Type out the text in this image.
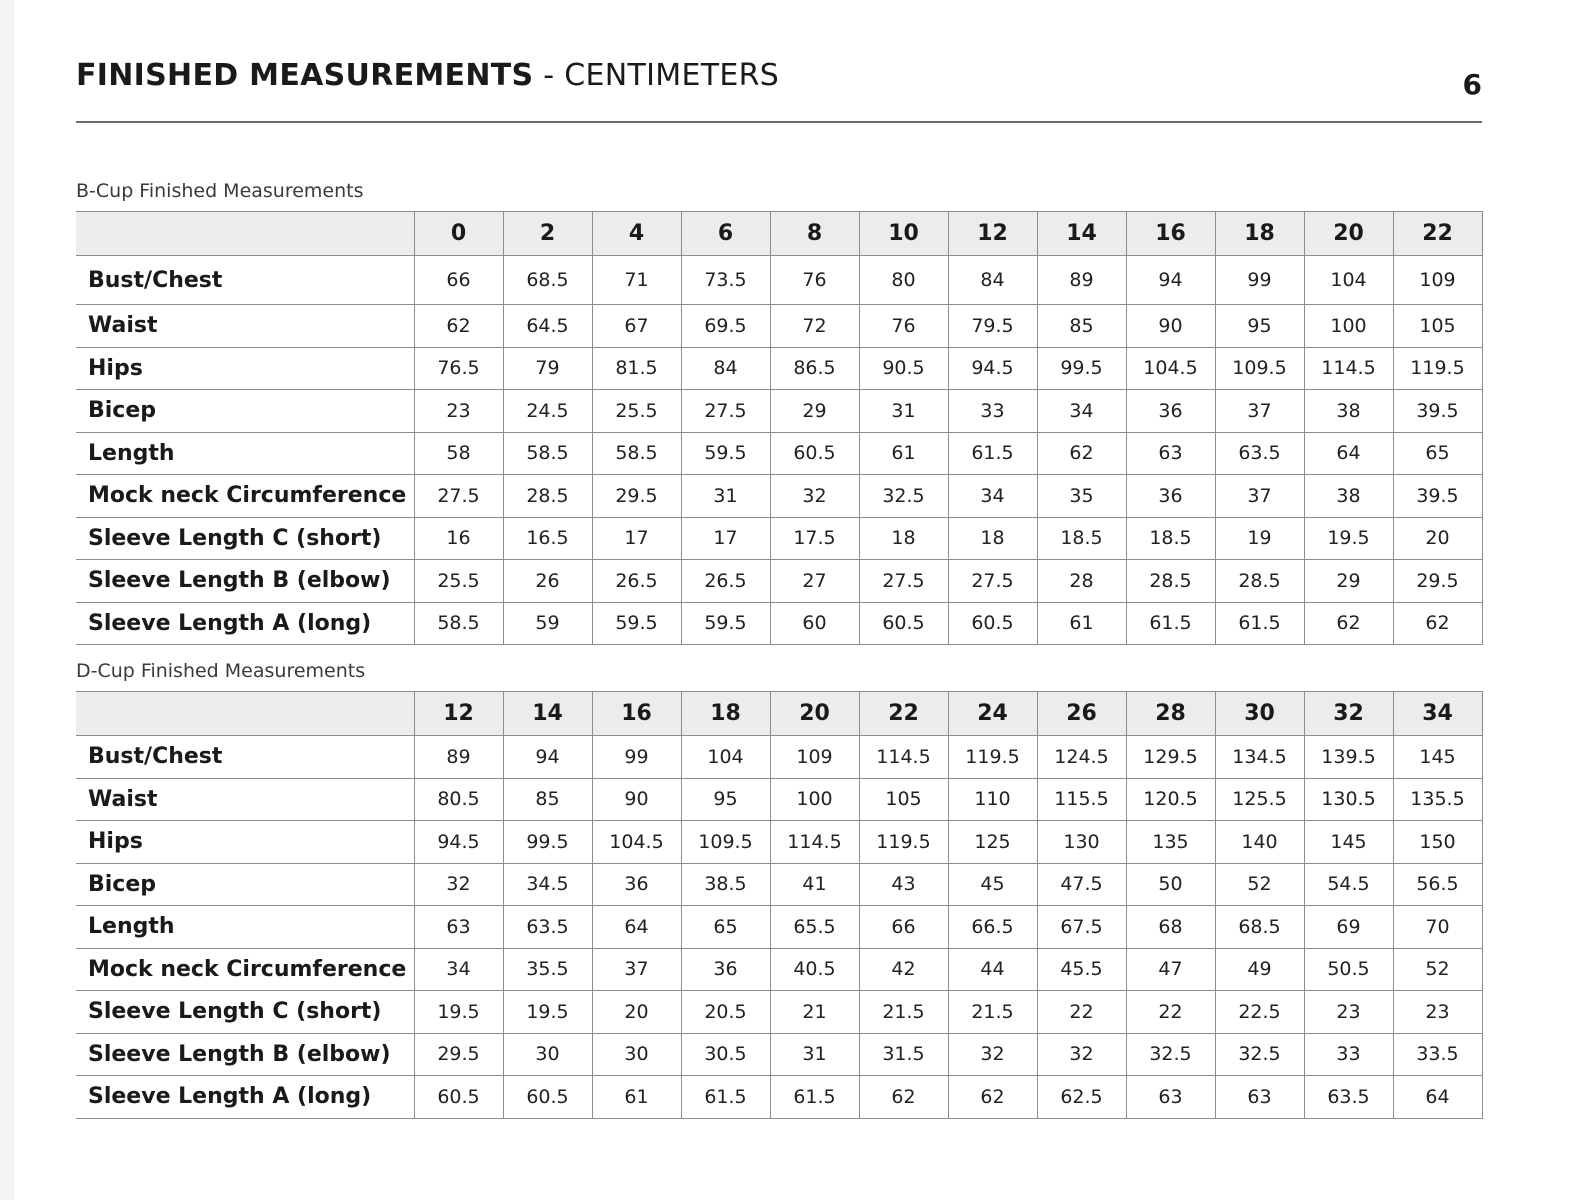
FINISHED MEASUREMENTS - CENTIMETERS	6
B-Cup Finished Measurements
	0	2	4	6	8	10	12	14	16	18	20	22
Bust/Chest	66	68.5	71	73.5	76	80	84	89	94	99	104	109
Waist	62	64.5	67	69.5	72	76	79.5	85	90	95	100	105
Hips	76.5	79	81.5	84	86.5	90.5	94.5	99.5	104.5	109.5	114.5	119.5
Bicep	23	24.5	25.5	27.5	29	31	33	34	36	37	38	39.5
Length	58	58.5	58.5	59.5	60.5	61	61.5	62	63	63.5	64	65
Mock neck Circumference	27.5	28.5	29.5	31	32	32.5	34	35	36	37	38	39.5
Sleeve Length C (short)	16	16.5	17	17	17.5	18	18	18.5	18.5	19	19.5	20
Sleeve Length B (elbow)	25.5	26	26.5	26.5	27	27.5	27.5	28	28.5	28.5	29	29.5
Sleeve Length A (long)	58.5	59	59.5	59.5	60	60.5	60.5	61	61.5	61.5	62	62
D-Cup Finished Measurements
	12	14	16	18	20	22	24	26	28	30	32	34
Bust/Chest	89	94	99	104	109	114.5	119.5	124.5	129.5	134.5	139.5	145
Waist	80.5	85	90	95	100	105	110	115.5	120.5	125.5	130.5	135.5
Hips	94.5	99.5	104.5	109.5	114.5	119.5	125	130	135	140	145	150
Bicep	32	34.5	36	38.5	41	43	45	47.5	50	52	54.5	56.5
Length	63	63.5	64	65	65.5	66	66.5	67.5	68	68.5	69	70
Mock neck Circumference	34	35.5	37	36	40.5	42	44	45.5	47	49	50.5	52
Sleeve Length C (short)	19.5	19.5	20	20.5	21	21.5	21.5	22	22	22.5	23	23
Sleeve Length B (elbow)	29.5	30	30	30.5	31	31.5	32	32	32.5	32.5	33	33.5
Sleeve Length A (long)	60.5	60.5	61	61.5	61.5	62	62	62.5	63	63	63.5	64
